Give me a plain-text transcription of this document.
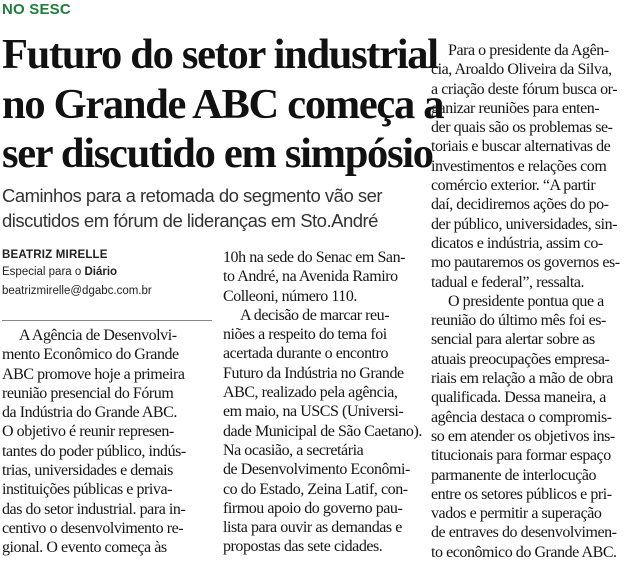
NO SESC
Futuro do setor industrial
no Grande ABC começa a
ser discutido em simpósio
Caminhos para a retomada do segmento vão ser
discutidos em fórum de lideranças em Sto.André
BEATRIZ MIRELLE
Especial para o Diário
beatrizmirelle@dgabc.com.br
A Agência de Desenvolvi-
mento Econômico do Grande
ABC promove hoje a primeira
reunião presencial do Fórum
da Indústria do Grande ABC.
O objetivo é reunir represen-
tantes do poder público, indús-
trias, universidades e demais
instituições públicas e priva-
das do setor industrial. para in-
centivo o desenvolvimento re-
gional. O evento começa às
10h na sede do Senac em San-
to André, na Avenida Ramiro
Colleoni, número 110.
A decisão de marcar reu-
niões a respeito do tema foi
acertada durante o encontro
Futuro da Indústria no Grande
ABC, realizado pela agência,
em maio, na USCS (Universi-
dade Municipal de São Caetano).
Na ocasião, a secretária
de Desenvolvimento Econômi-
co do Estado, Zeina Latif, con-
firmou apoio do governo pau-
lista para ouvir as demandas e
propostas das sete cidades.
Para o presidente da Agên-
cia, Aroaldo Oliveira da Silva,
a criação deste fórum busca or-
ganizar reuniões para enten-
der quais são os problemas se-
toriais e buscar alternativas de
investimentos e relações com
comércio exterior. “A partir
daí, decidiremos ações do po-
der público, universidades, sin-
dicatos e indústria, assim co-
mo pautaremos os governos es-
tadual e federal”, ressalta.
O presidente pontua que a
reunião do último mês foi es-
sencial para alertar sobre as
atuais preocupações empresa-
riais em relação a mão de obra
qualificada. Dessa maneira, a
agência destaca o compromis-
so em atender os objetivos ins-
titucionais para formar espaço
parmanente de interlocução
entre os setores públicos e pri-
vados e permitir a superação
de entraves do desenvolvimen-
to econômico do Grande ABC.
